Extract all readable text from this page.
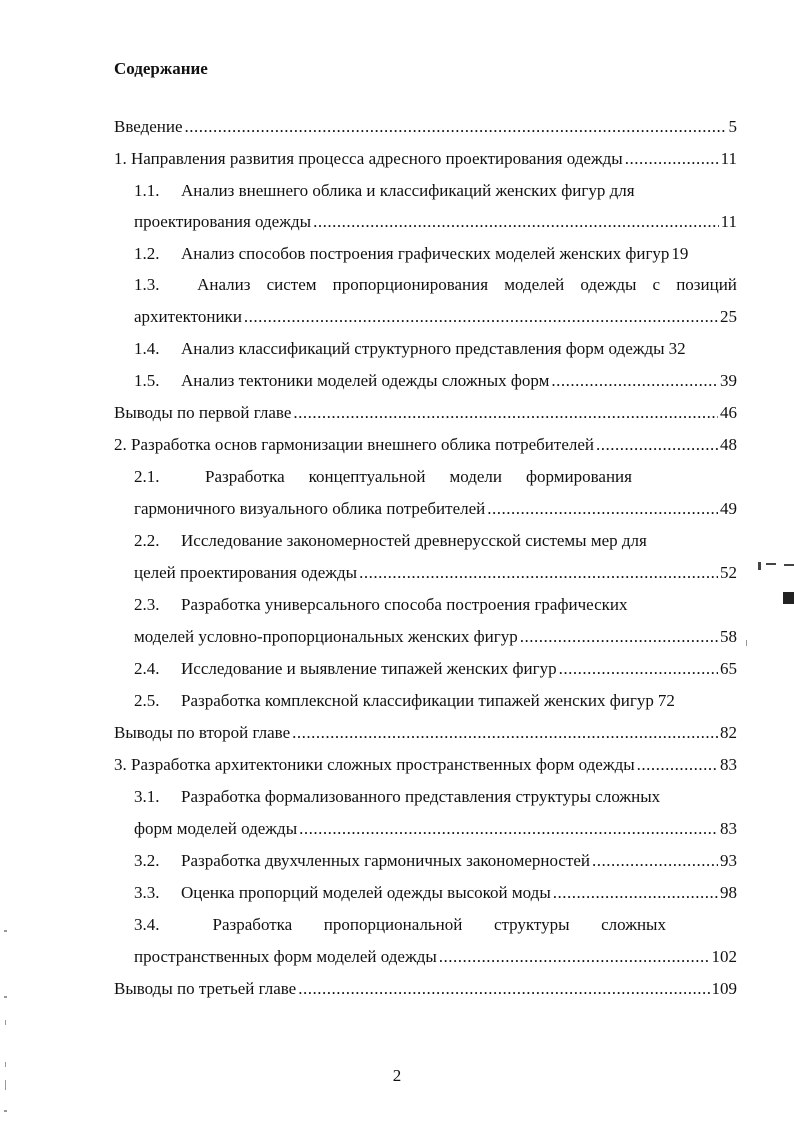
Содержание
Введение .....	5
1. Направления развития процесса адресного проектирования одежды .....	11
1.1. Анализ внешнего облика и классификаций женских фигур для
проектирования одежды .....	11
1.2.	Анализ способов построения графических моделей женских фигур 19
1.3.	Анализ систем пропорционирования моделей одежды с позиций
архитектоники .....	25
1.4.	Анализ классификаций структурного представления форм одежды 32
1.5.	Анализ тектоники моделей одежды сложных форм .....	39
Выводы по первой главе .....	46
2. Разработка основ гармонизации внешнего облика потребителей .....	48
2.1.	Разработка концептуальной модели формирования
гармоничного визуального облика потребителей .....	49
2.2. Исследование закономерностей древнерусской системы мер для
целей проектирования одежды .....	52
2.3. Разработка универсального способа построения графических
моделей условно-пропорциональных женских фигур .....	58
2.4.	Исследование и выявление типажей женских фигур .....	65
2.5.	Разработка комплексной классификации типажей женских фигур 72
Выводы по второй главе .....	82
3. Разработка архитектоники сложных пространственных форм одежды .....	83
3.1. Разработка формализованного представления структуры сложных
форм моделей одежды .....	83
3.2.	Разработка двухчленных гармоничных закономерностей .....	93
3.3.	Оценка пропорций моделей одежды высокой моды .....	98
3.4.	Разработка пропорциональной структуры сложных
пространственных форм моделей одежды .....	102
Выводы по третьей главе .....	109
2
